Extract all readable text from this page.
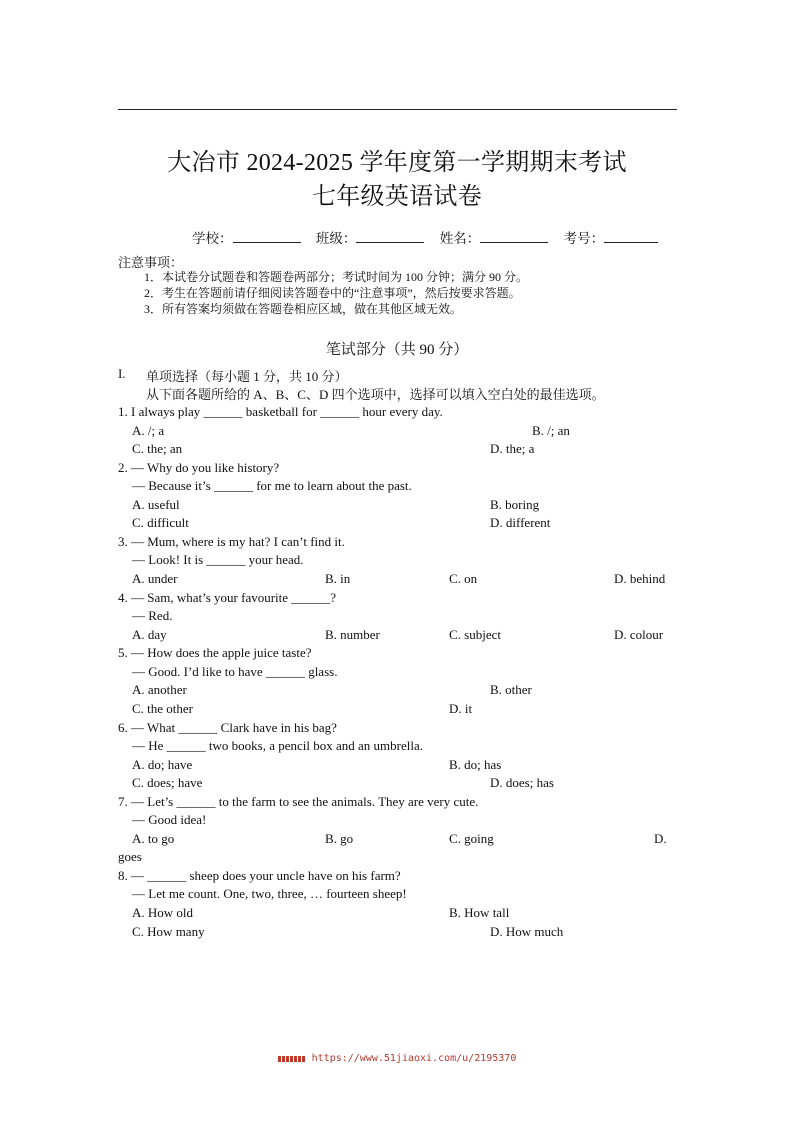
大冶市 2024-2025 学年度第一学期期末考试
七年级英语试卷
学校：	班级：	姓名：	考号：
注意事项：
1．本试卷分试题卷和答题卷两部分；考试时间为 100 分钟；满分 90 分。
2．考生在答题前请仔细阅读答题卷中的“注意事项”，然后按要求答题。
3．所有答案均须做在答题卷相应区域，做在其他区域无效。
笔试部分（共 90 分）
I. 单项选择（每小题 1 分，共 10 分）
从下面各题所给的 A、B、C、D 四个选项中，选择可以填入空白处的最佳选项。
1. I always play ______ basketball for ______ hour every day.
A. /; a	B. /; an
C. the; an	D. the; a
2. — Why do you like history?
— Because it’s ______ for me to learn about the past.
A. useful	B. boring
C. difficult	D. different
3. — Mum, where is my hat? I can’t find it.
— Look! It is ______ your head.
A. under	B. in	C. on	D. behind
4. — Sam, what’s your favourite ______?
— Red.
A. day	B. number	C. subject	D. colour
5. — How does the apple juice taste?
— Good. I’d like to have ______ glass.
A. another	B. other
C. the other	D. it
6. — What ______ Clark have in his bag?
— He ______ two books, a pencil box and an umbrella.
A. do; have	B. do; has
C. does; have	D. does; has
7. — Let’s ______ to the farm to see the animals. They are very cute.
— Good idea!
A. to go	B. go	C. going	D.
goes
8. — ______ sheep does your uncle have on his farm?
— Let me count. One, two, three, … fourteen sheep!
A. How old	B. How tall
C. How many	D. How much
https://www.51jiaoxi.com/u/2195370
